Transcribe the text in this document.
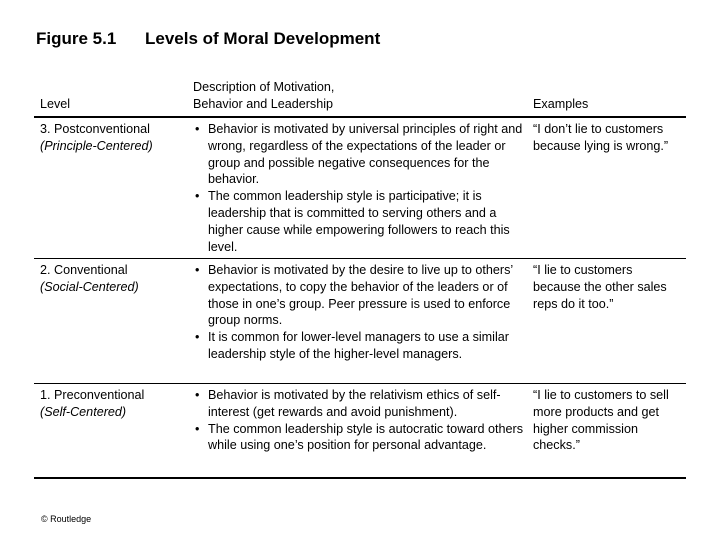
Figure 5.1 Levels of Moral Development
Level
Description of Motivation,
Behavior and Leadership	Examples
3. Postconventional
(Principle-Centered)
• Behavior is motivated by universal principles of right and wrong, regardless of the expectations of the leader or group and possible negative consequences for the behavior.
• The common leadership style is participative; it is leadership that is committed to serving others and a higher cause while empowering followers to reach this level.
“I don’t lie to customers because lying is wrong.”
2. Conventional
(Social-Centered)
• Behavior is motivated by the desire to live up to others’ expectations, to copy the behavior of the leaders or of those in one’s group. Peer pressure is used to enforce group norms.
• It is common for lower-level managers to use a similar leadership style of the higher-level managers.
“I lie to customers because the other sales reps do it too.”
1. Preconventional
(Self-Centered)
• Behavior is motivated by the relativism ethics of self-interest (get rewards and avoid punishment).
• The common leadership style is autocratic toward others while using one’s position for personal advantage.
“I lie to customers to sell more products and get higher commission checks.”
© Routledge
